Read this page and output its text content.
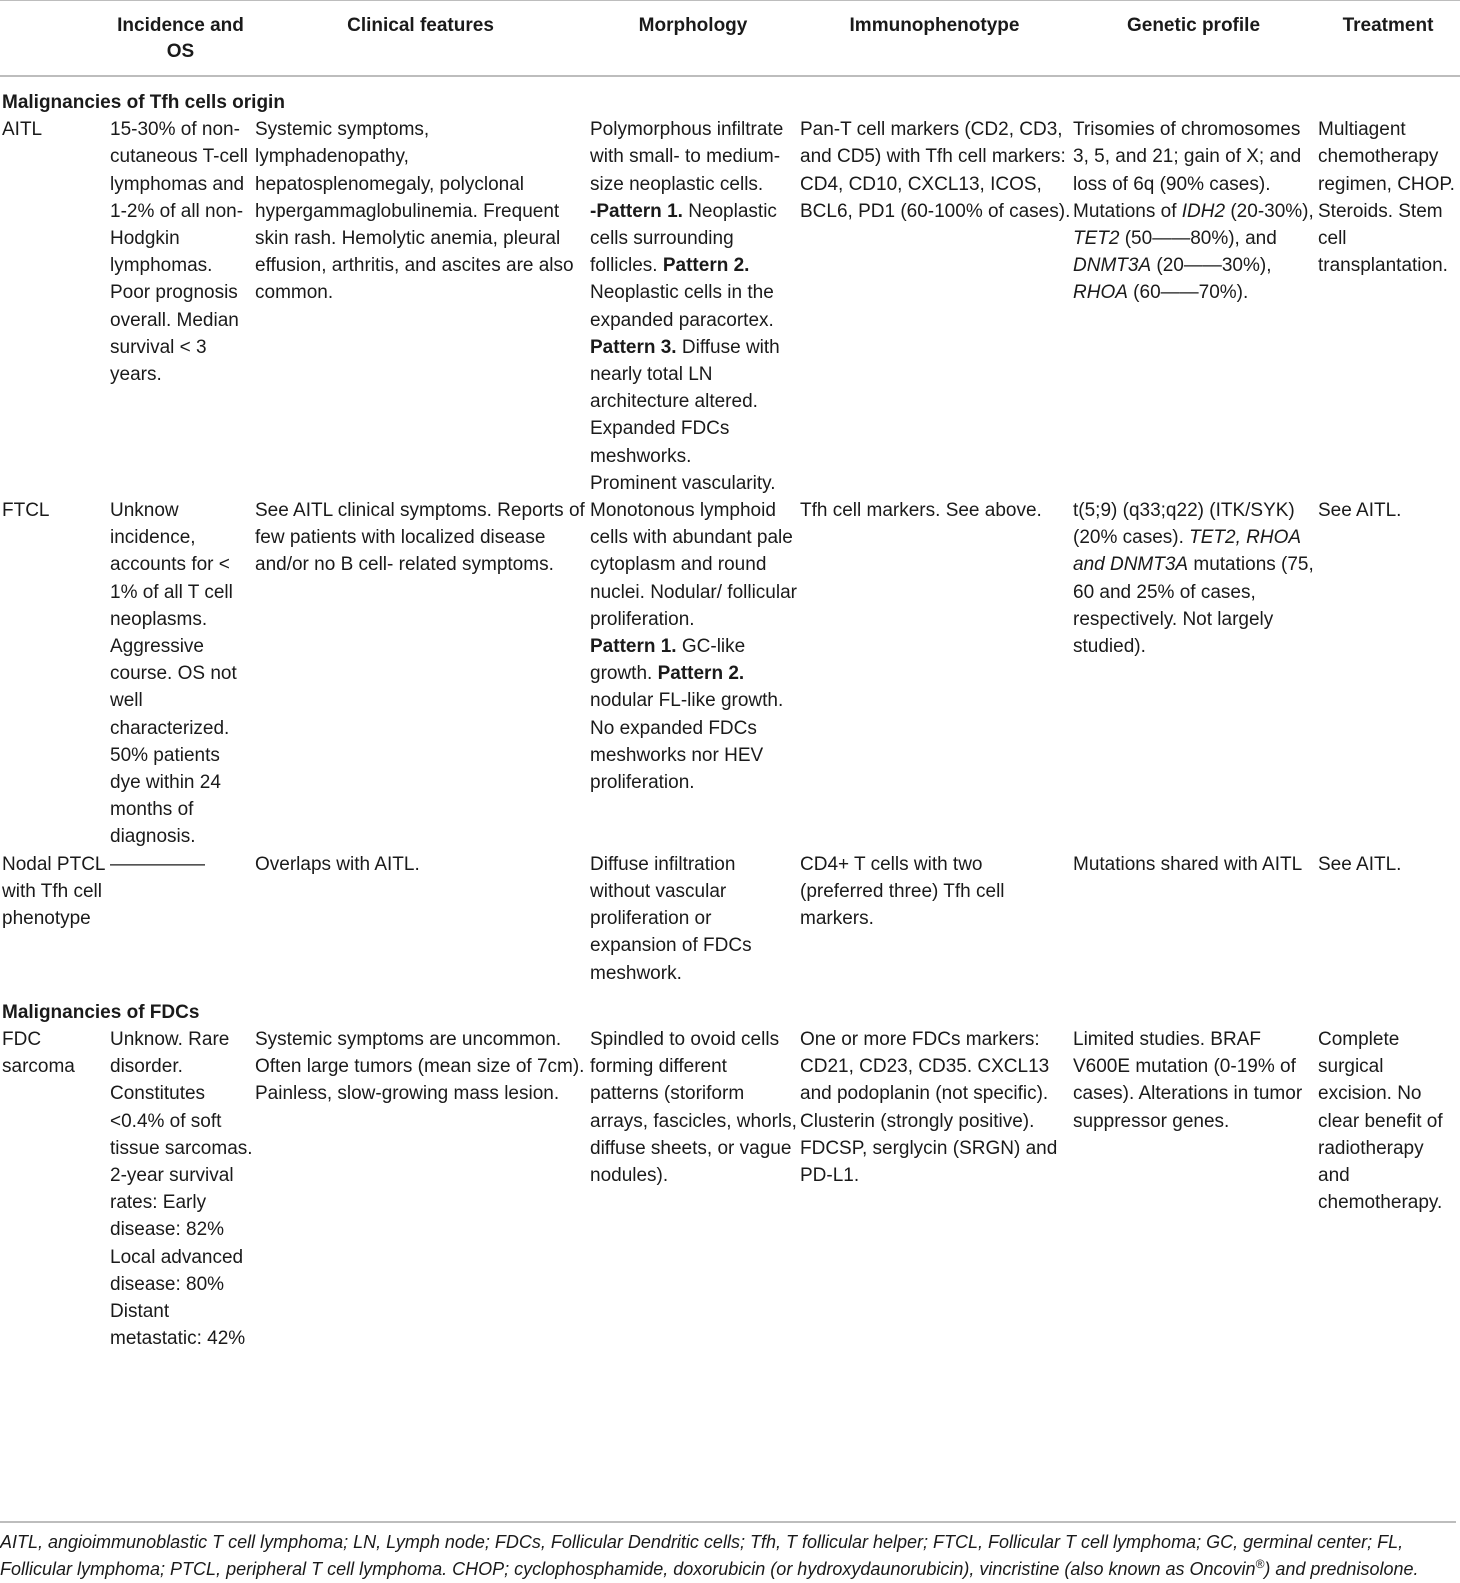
	Incidence and OS	Clinical features	Morphology	Immunophenotype	Genetic profile	Treatment
Malignancies of Tfh cells origin						
AITL	15-30% of non-cutaneous T-cell lymphomas and 1-2% of all non-Hodgkin lymphomas. Poor prognosis overall. Median survival < 3 years.	Systemic symptoms, lymphadenopathy, hepatosplenomegaly, polyclonal hypergammaglobulinemia. Frequent skin rash. Hemolytic anemia, pleural effusion, arthritis, and ascites are also common.	Polymorphous infiltrate with small- to medium-size neoplastic cells.
-Pattern 1. Neoplastic cells surrounding follicles. Pattern 2. Neoplastic cells in the expanded paracortex. Pattern 3. Diffuse with nearly total LN architecture altered.
Expanded FDCs meshworks.
Prominent vascularity.	Pan-T cell markers (CD2, CD3, and CD5) with Tfh cell markers: CD4, CD10, CXCL13, ICOS, BCL6, PD1 (60-100% of cases).	Trisomies of chromosomes 3, 5, and 21; gain of X; and loss of 6q (90% cases).
Mutations of IDH2 (20-30%), TET2 (50——80%), and DNMT3A (20——30%), RHOA (60——70%).	Multiagent chemotherapy regimen, CHOP. Steroids. Stem cell transplantation.
FTCL	Unknow incidence, accounts for < 1% of all T cell neoplasms. Aggressive course. OS not well characterized. 50% patients dye within 24 months of diagnosis.	See AITL clinical symptoms. Reports of few patients with localized disease and/or no B cell- related symptoms.	Monotonous lymphoid cells with abundant pale cytoplasm and round nuclei. Nodular/ follicular proliferation.
Pattern 1. GC-like growth. Pattern 2. nodular FL-like growth. No expanded FDCs meshworks nor HEV proliferation.	Tfh cell markers. See above.	t(5;9) (q33;q22) (ITK/SYK) (20% cases). TET2, RHOA and DNMT3A mutations (75, 60 and 25% of cases, respectively. Not largely studied).	See AITL.
Nodal PTCL with Tfh cell phenotype	—————	Overlaps with AITL.	Diffuse infiltration without vascular proliferation or expansion of FDCs meshwork.	CD4+ T cells with two (preferred three) Tfh cell markers.	Mutations shared with AITL	See AITL.
Malignancies of FDCs						
FDC sarcoma	Unknow. Rare disorder. Constitutes <0.4% of soft tissue sarcomas. 2-year survival rates: Early disease: 82% Local advanced disease: 80% Distant metastatic: 42%	Systemic symptoms are uncommon. Often large tumors (mean size of 7cm). Painless, slow-growing mass lesion.	Spindled to ovoid cells forming different patterns (storiform arrays, fascicles, whorls, diffuse sheets, or vague nodules).	One or more FDCs markers: CD21, CD23, CD35. CXCL13 and podoplanin (not specific). Clusterin (strongly positive). FDCSP, serglycin (SRGN) and PD-L1.	Limited studies. BRAF V600E mutation (0-19% of cases). Alterations in tumor suppressor genes.	Complete surgical excision. No clear benefit of radiotherapy and chemotherapy.
AITL, angioimmunoblastic T cell lymphoma; LN, Lymph node; FDCs, Follicular Dendritic cells; Tfh, T follicular helper; FTCL, Follicular T cell lymphoma; GC, germinal center; FL, Follicular lymphoma; PTCL, peripheral T cell lymphoma. CHOP; cyclophosphamide, doxorubicin (or hydroxydaunorubicin), vincristine (also known as Oncovin®) and prednisolone.
